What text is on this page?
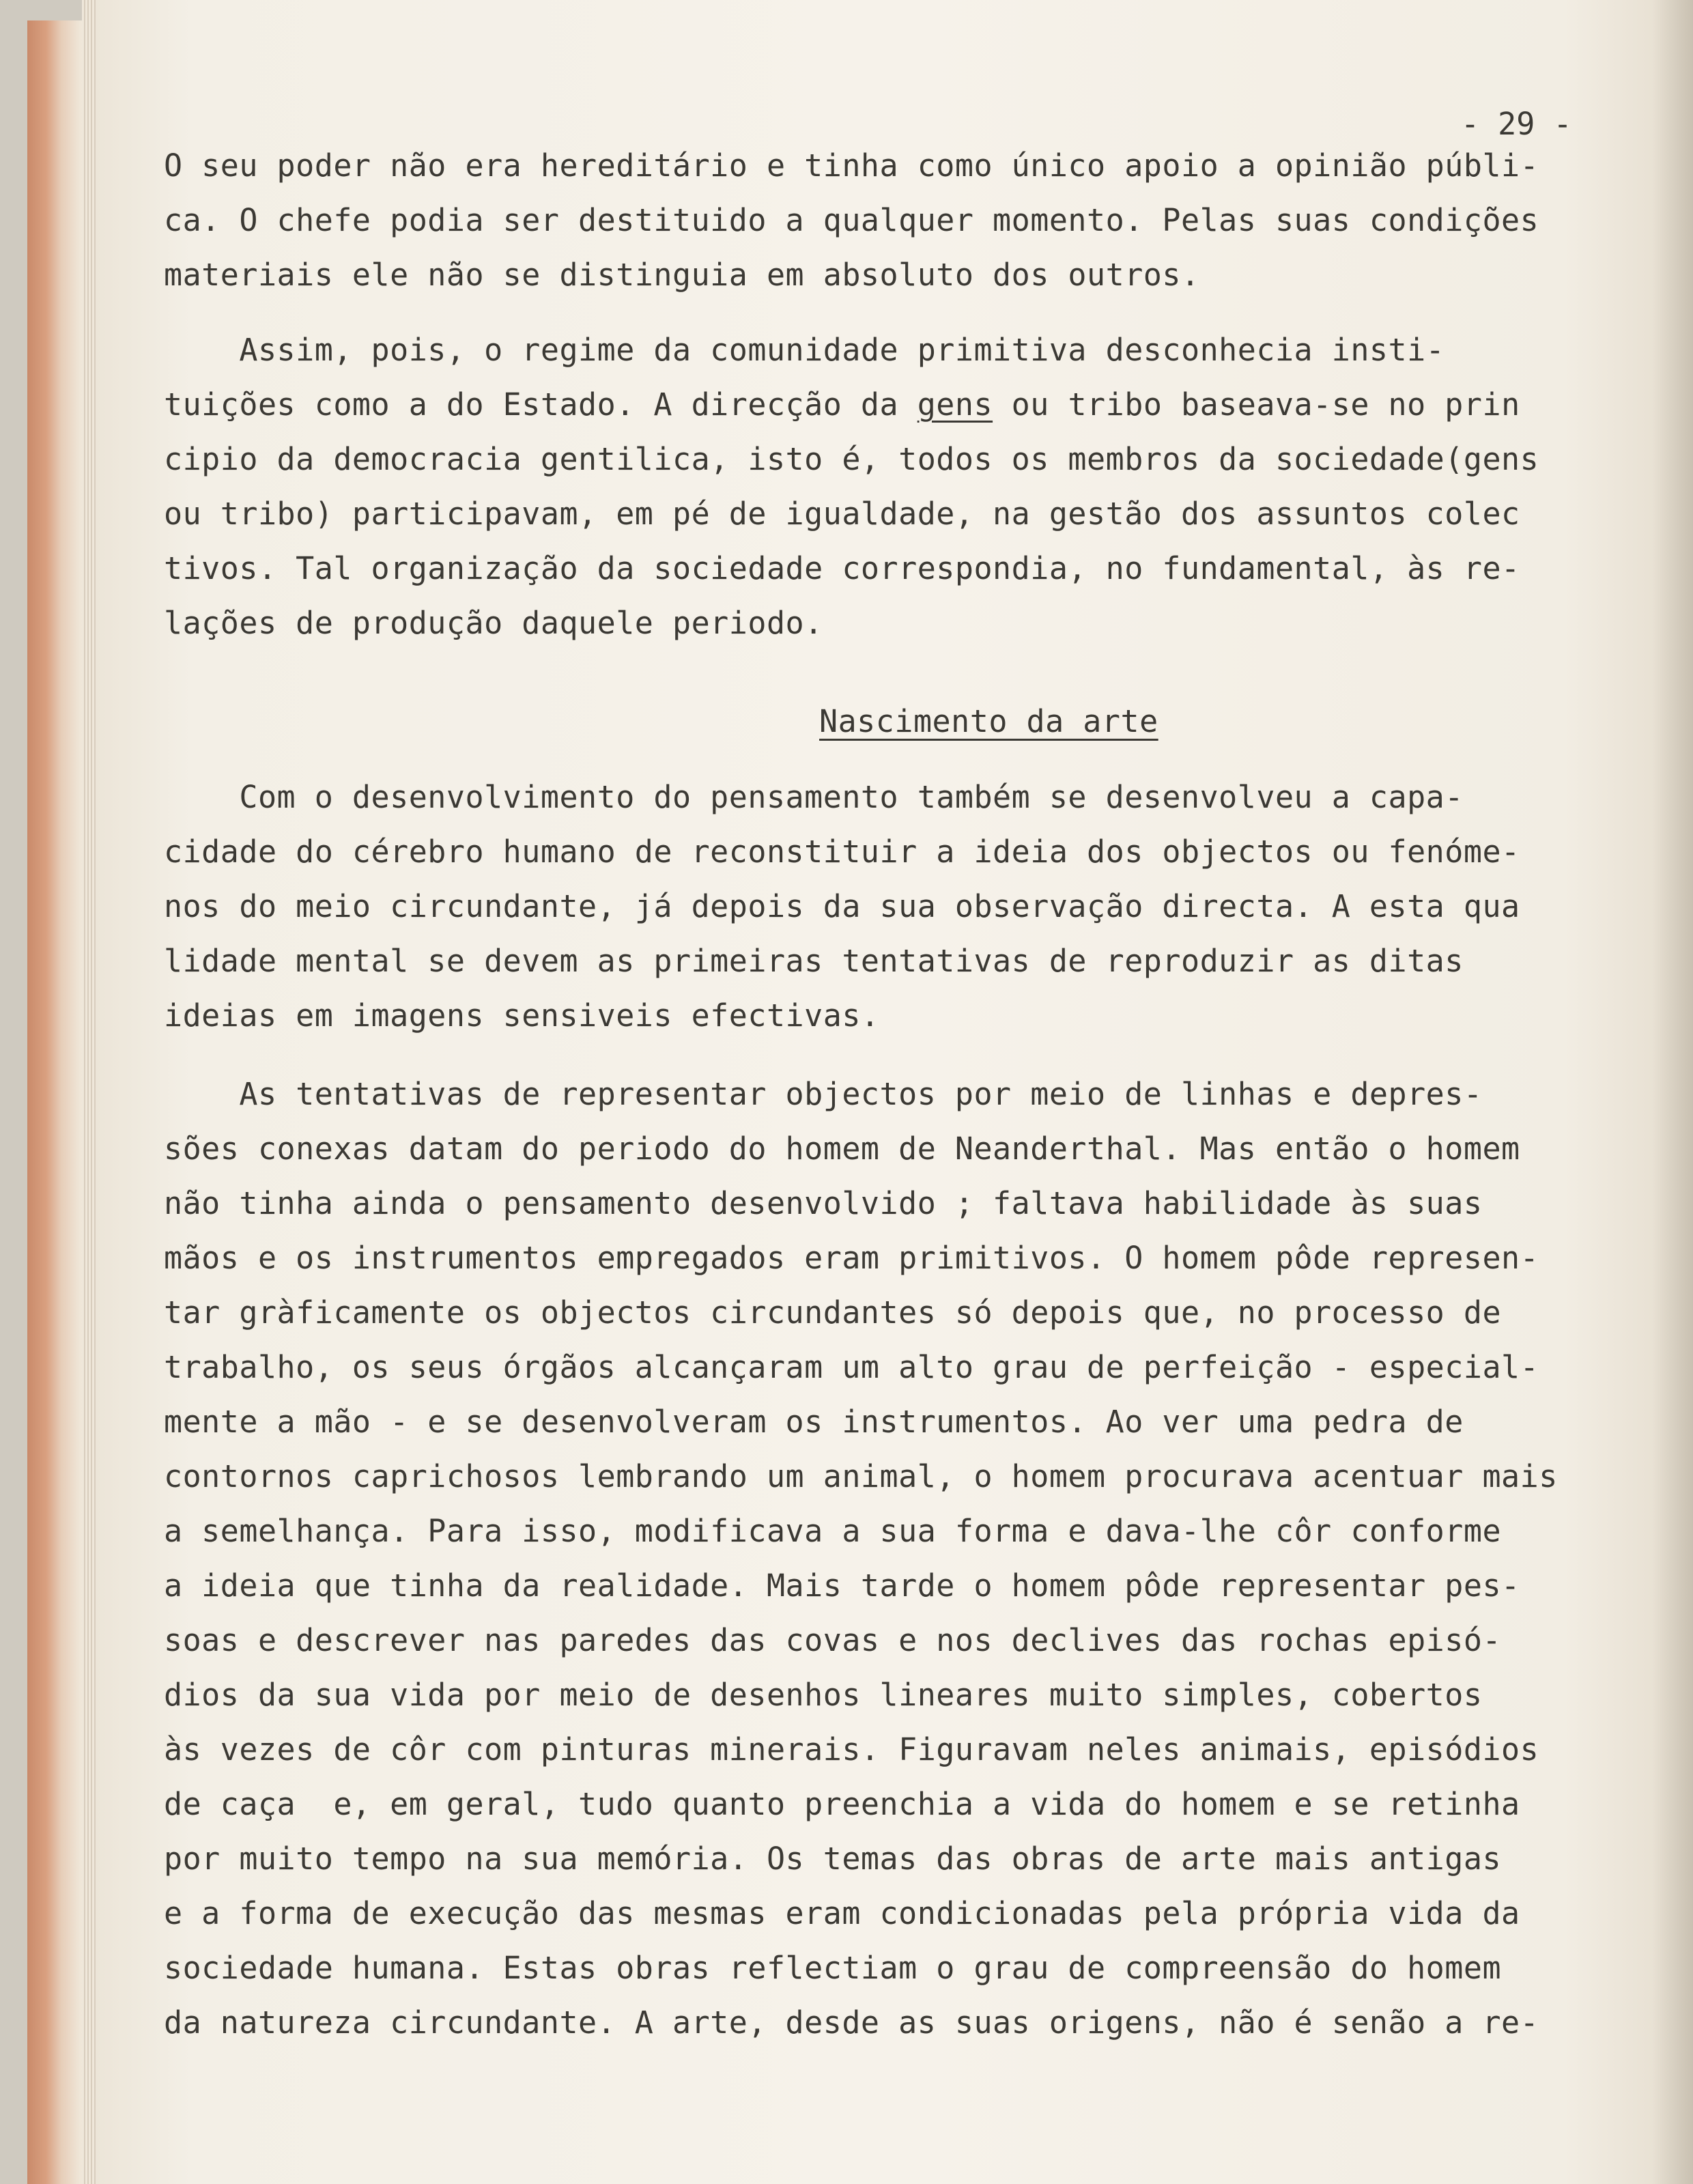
- 29 -
O seu poder não era hereditário e tinha como único apoio a opinião públi-
ca. O chefe podia ser destituido a qualquer momento. Pelas suas condições
materiais ele não se distinguia em absoluto dos outros.
Assim, pois, o regime da comunidade primitiva desconhecia insti-
tuições como a do Estado. A direcção da gens ou tribo baseava-se no prin
cipio da democracia gentilica, isto é, todos os membros da sociedade(gens
ou tribo) participavam, em pé de igualdade, na gestão dos assuntos colec
tivos. Tal organização da sociedade correspondia, no fundamental, às re-
lações de produção daquele periodo.
Nascimento da arte
Com o desenvolvimento do pensamento também se desenvolveu a capa-
cidade do cérebro humano de reconstituir a ideia dos objectos ou fenóme-
nos do meio circundante, já depois da sua observação directa. A esta qua
lidade mental se devem as primeiras tentativas de reproduzir as ditas
ideias em imagens sensiveis efectivas.
As tentativas de representar objectos por meio de linhas e depres-
sões conexas datam do periodo do homem de Neanderthal. Mas então o homem
não tinha ainda o pensamento desenvolvido ; faltava habilidade às suas
mãos e os instrumentos empregados eram primitivos. O homem pôde represen-
tar gràficamente os objectos circundantes só depois que, no processo de
trabalho, os seus órgãos alcançaram um alto grau de perfeição - especial-
mente a mão - e se desenvolveram os instrumentos. Ao ver uma pedra de
contornos caprichosos lembrando um animal, o homem procurava acentuar mais
a semelhança. Para isso, modificava a sua forma e dava-lhe côr conforme
a ideia que tinha da realidade. Mais tarde o homem pôde representar pes-
soas e descrever nas paredes das covas e nos declives das rochas episó-
dios da sua vida por meio de desenhos lineares muito simples, cobertos
às vezes de côr com pinturas minerais. Figuravam neles animais, episódios
de caça  e, em geral, tudo quanto preenchia a vida do homem e se retinha
por muito tempo na sua memória. Os temas das obras de arte mais antigas
e a forma de execução das mesmas eram condicionadas pela própria vida da
sociedade humana. Estas obras reflectiam o grau de compreensão do homem
da natureza circundante. A arte, desde as suas origens, não é senão a re-
